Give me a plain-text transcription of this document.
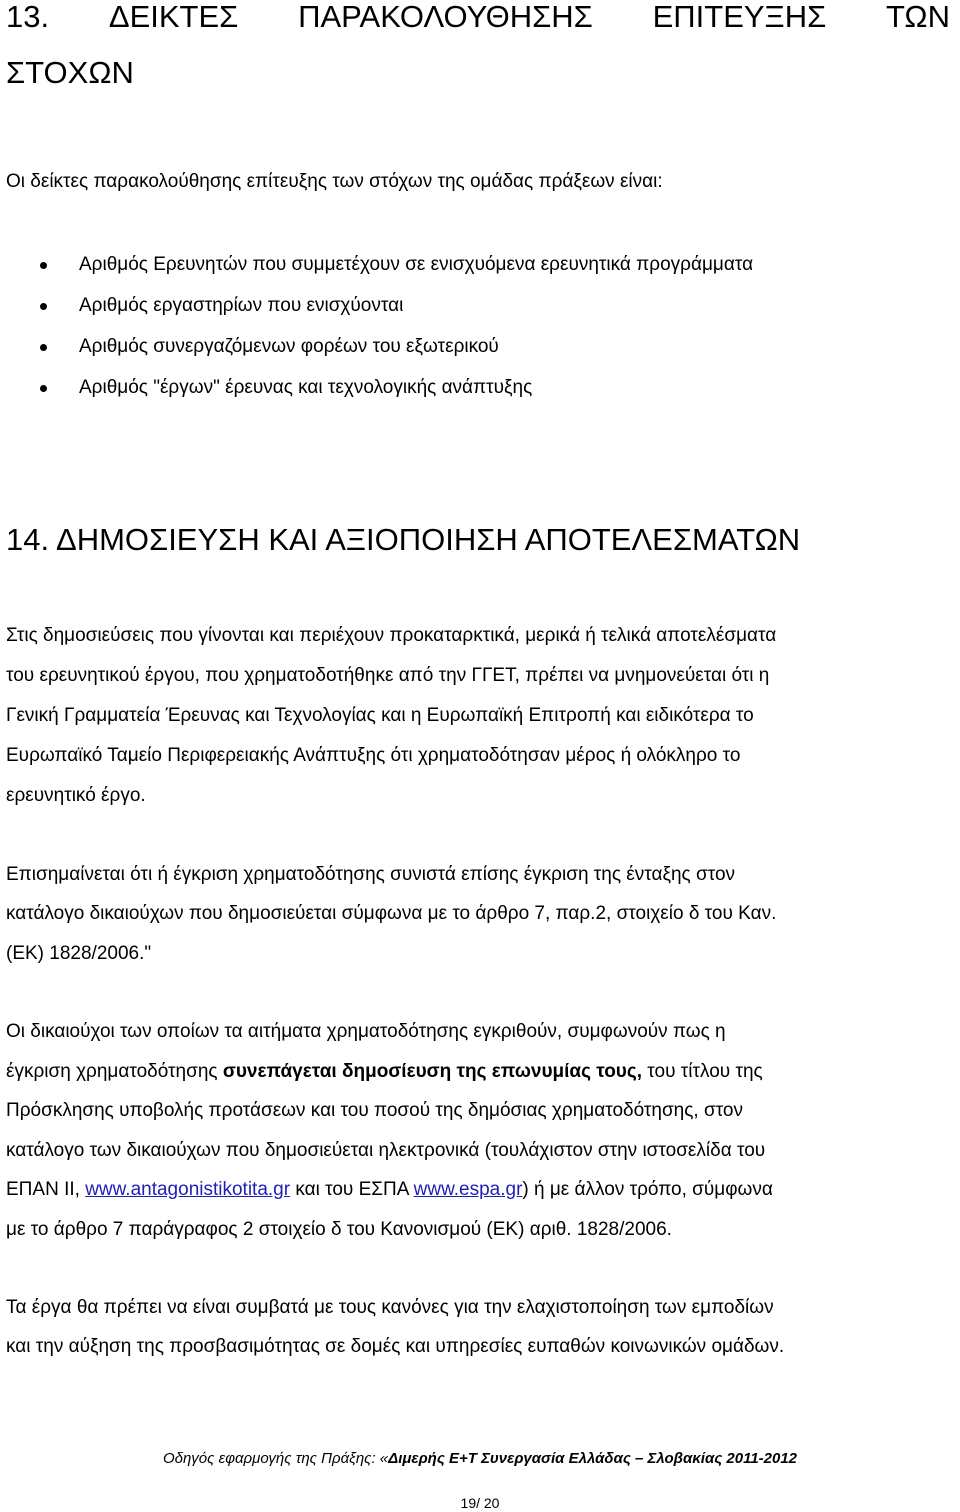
13. ΔΕΙΚΤΕΣ ΠΑΡΑΚΟΛΟΥΘΗΣΗΣ ΕΠΙΤΕΥΞΗΣ ΤΩΝ
ΣΤΟΧΩΝ
Οι δείκτες παρακολούθησης επίτευξης των στόχων της ομάδας πράξεων είναι:
Αριθμός Ερευνητών που συμμετέχουν σε ενισχυόμενα ερευνητικά προγράμματα
Αριθμός εργαστηρίων που ενισχύονται
Αριθμός συνεργαζόμενων φορέων του εξωτερικού
Αριθμός "έργων" έρευνας και τεχνολογικής ανάπτυξης
14. ΔΗΜΟΣΙΕΥΣΗ ΚΑΙ ΑΞΙΟΠΟΙΗΣΗ ΑΠΟΤΕΛΕΣΜΑΤΩΝ
Στις δημοσιεύσεις που γίνονται και περιέχουν προκαταρκτικά, μερικά ή τελικά αποτελέσματα
του ερευνητικού έργου, που χρηματοδοτήθηκε από την ΓΓΕΤ, πρέπει να μνημονεύεται ότι η
Γενική Γραμματεία Έρευνας και Τεχνολογίας και η Ευρωπαϊκή Επιτροπή και ειδικότερα το
Ευρωπαϊκό Ταμείο Περιφερειακής Ανάπτυξης ότι χρηματοδότησαν μέρος ή ολόκληρο το
ερευνητικό έργο.
Επισημαίνεται ότι ή έγκριση χρηματοδότησης συνιστά επίσης έγκριση της ένταξης στον
κατάλογο δικαιούχων που δημοσιεύεται σύμφωνα με το άρθρο 7, παρ.2, στοιχείο δ του Καν.
(ΕΚ) 1828/2006."
Οι δικαιούχοι των οποίων τα αιτήματα χρηματοδότησης εγκριθούν, συμφωνούν πως η
έγκριση χρηματοδότησης συνεπάγεται δημοσίευση της επωνυμίας τους, του τίτλου της
Πρόσκλησης υποβολής προτάσεων και του ποσού της δημόσιας χρηματοδότησης, στον
κατάλογο των δικαιούχων που δημοσιεύεται ηλεκτρονικά (τουλάχιστον στην ιστοσελίδα του
ΕΠΑΝ ΙΙ, www.antagonistikotita.gr και του ΕΣΠΑ www.espa.gr) ή με άλλον τρόπο, σύμφωνα
με το άρθρο 7 παράγραφος 2 στοιχείο δ του Κανονισμού (ΕΚ) αριθ. 1828/2006.
Τα έργα θα πρέπει να είναι συμβατά με τους κανόνες για την ελαχιστοποίηση των εμποδίων
και την αύξηση της προσβασιμότητας σε δομές και υπηρεσίες ευπαθών κοινωνικών ομάδων.
Οδηγός εφαρμογής της Πράξης: «Διμερής Ε+Τ Συνεργασία Ελλάδας – Σλοβακίας 2011-2012
19/ 20
